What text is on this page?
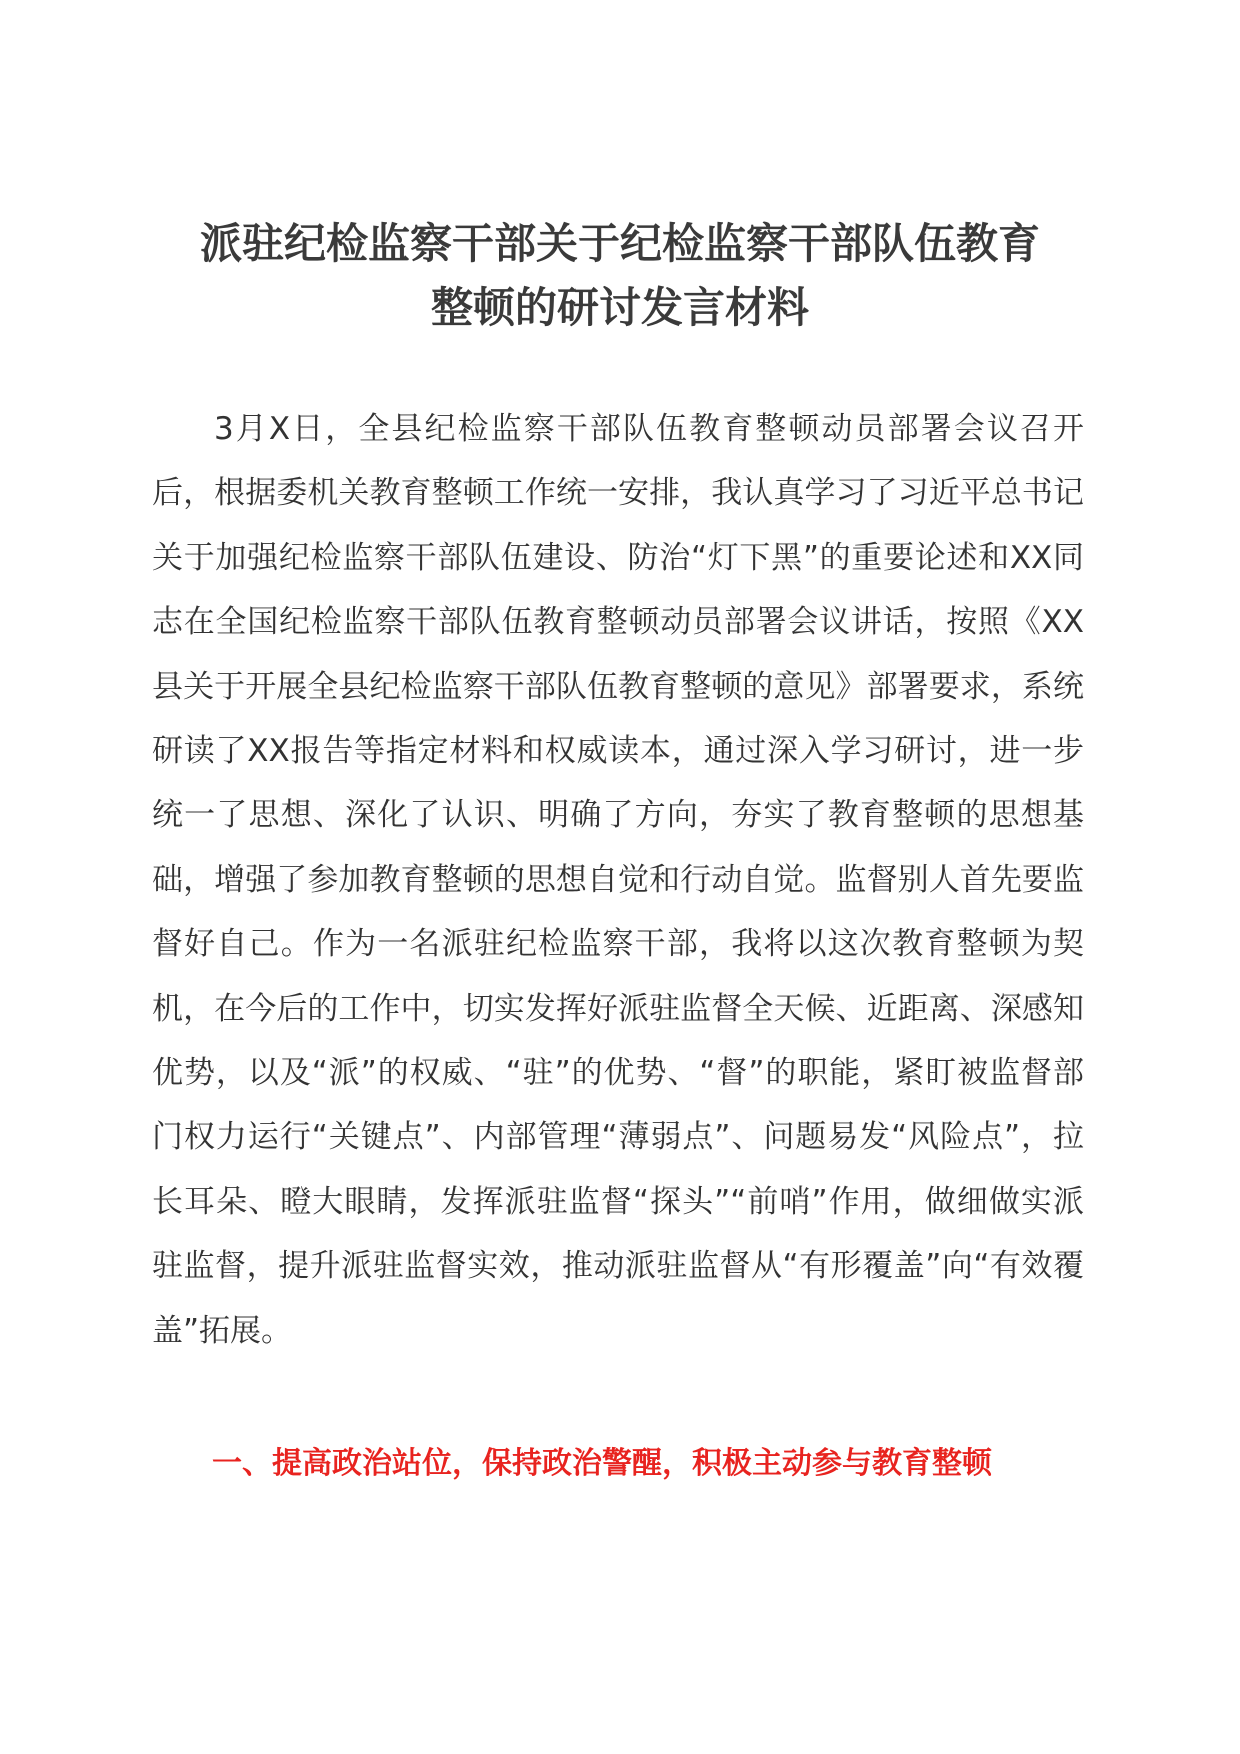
派驻纪检监察干部关于纪检监察干部队伍教育
整顿的研讨发言材料

3月X日，全县纪检监察干部队伍教育整顿动员部署会议召开后，根据委机关教育整顿工作统一安排，我认真学习了习近平总书记关于加强纪检监察干部队伍建设、防治“灯下黑”的重要论述和XX同志在全国纪检监察干部队伍教育整顿动员部署会议讲话，按照《XX县关于开展全县纪检监察干部队伍教育整顿的意见》部署要求，系统研读了XX报告等指定材料和权威读本，通过深入学习研讨，进一步统一了思想、深化了认识、明确了方向，夯实了教育整顿的思想基础，增强了参加教育整顿的思想自觉和行动自觉。监督别人首先要监督好自己。作为一名派驻纪检监察干部，我将以这次教育整顿为契机，在今后的工作中，切实发挥好派驻监督全天候、近距离、深感知优势，以及“派”的权威、“驻”的优势、“督”的职能，紧盯被监督部门权力运行“关键点”、内部管理“薄弱点”、问题易发“风险点”，拉长耳朵、瞪大眼睛，发挥派驻监督“探头”“前哨”作用，做细做实派驻监督，提升派驻监督实效，推动派驻监督从“有形覆盖”向“有效覆盖”拓展。

一、提高政治站位，保持政治警醒，积极主动参与教育整顿
